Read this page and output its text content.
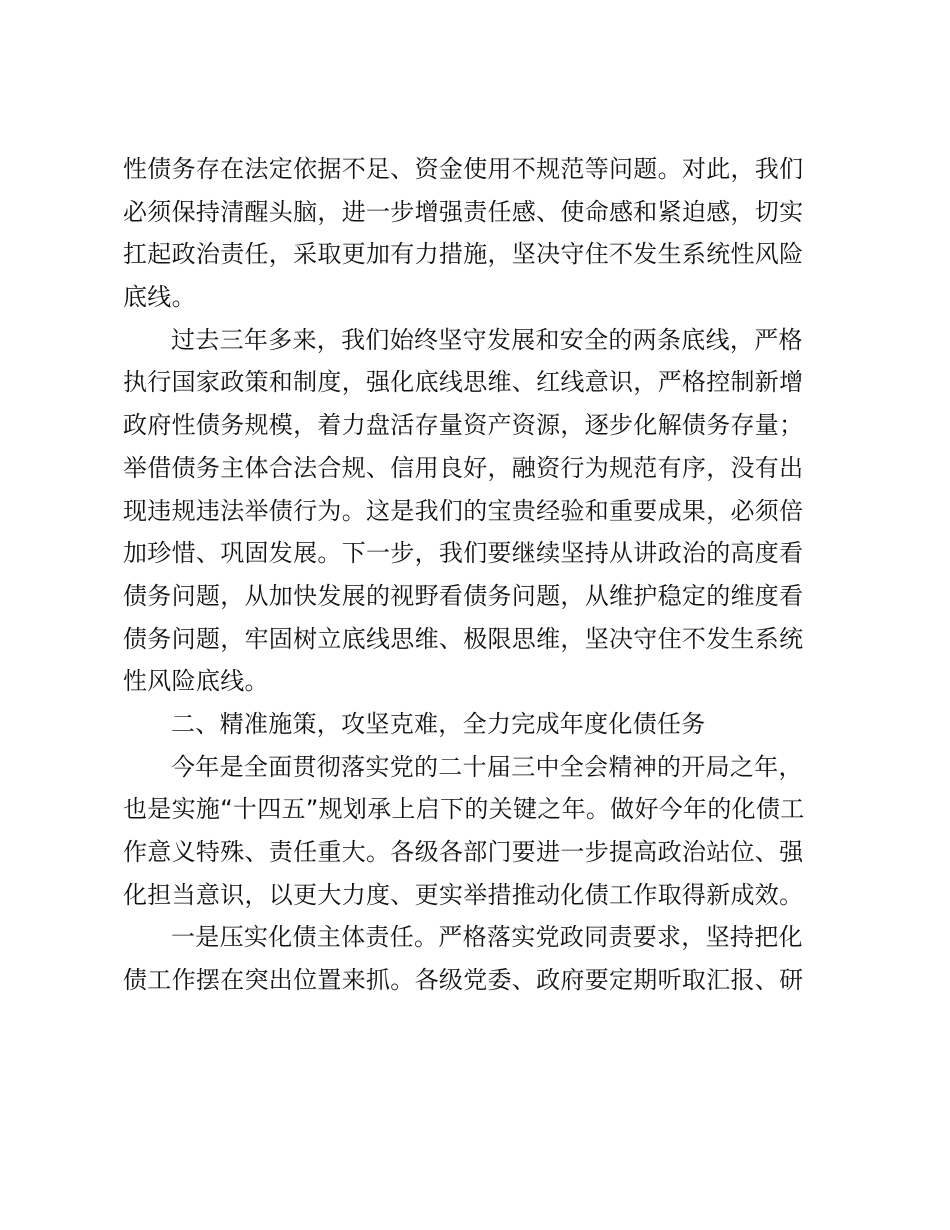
性债务存在法定依据不足、资金使用不规范等问题。对此，我们
必须保持清醒头脑，进一步增强责任感、使命感和紧迫感，切实
扛起政治责任，采取更加有力措施，坚决守住不发生系统性风险
底线。
过去三年多来，我们始终坚守发展和安全的两条底线，严格
执行国家政策和制度，强化底线思维、红线意识，严格控制新增
政府性债务规模，着力盘活存量资产资源，逐步化解债务存量；
举借债务主体合法合规、信用良好，融资行为规范有序，没有出
现违规违法举债行为。这是我们的宝贵经验和重要成果，必须倍
加珍惜、巩固发展。下一步，我们要继续坚持从讲政治的高度看
债务问题，从加快发展的视野看债务问题，从维护稳定的维度看
债务问题，牢固树立底线思维、极限思维，坚决守住不发生系统
性风险底线。
二、精准施策，攻坚克难，全力完成年度化债任务
今年是全面贯彻落实党的二十届三中全会精神的开局之年，
也是实施“十四五”规划承上启下的关键之年。做好今年的化债工
作意义特殊、责任重大。各级各部门要进一步提高政治站位、强
化担当意识，以更大力度、更实举措推动化债工作取得新成效。
一是压实化债主体责任。严格落实党政同责要求，坚持把化
债工作摆在突出位置来抓。各级党委、政府要定期听取汇报、研
